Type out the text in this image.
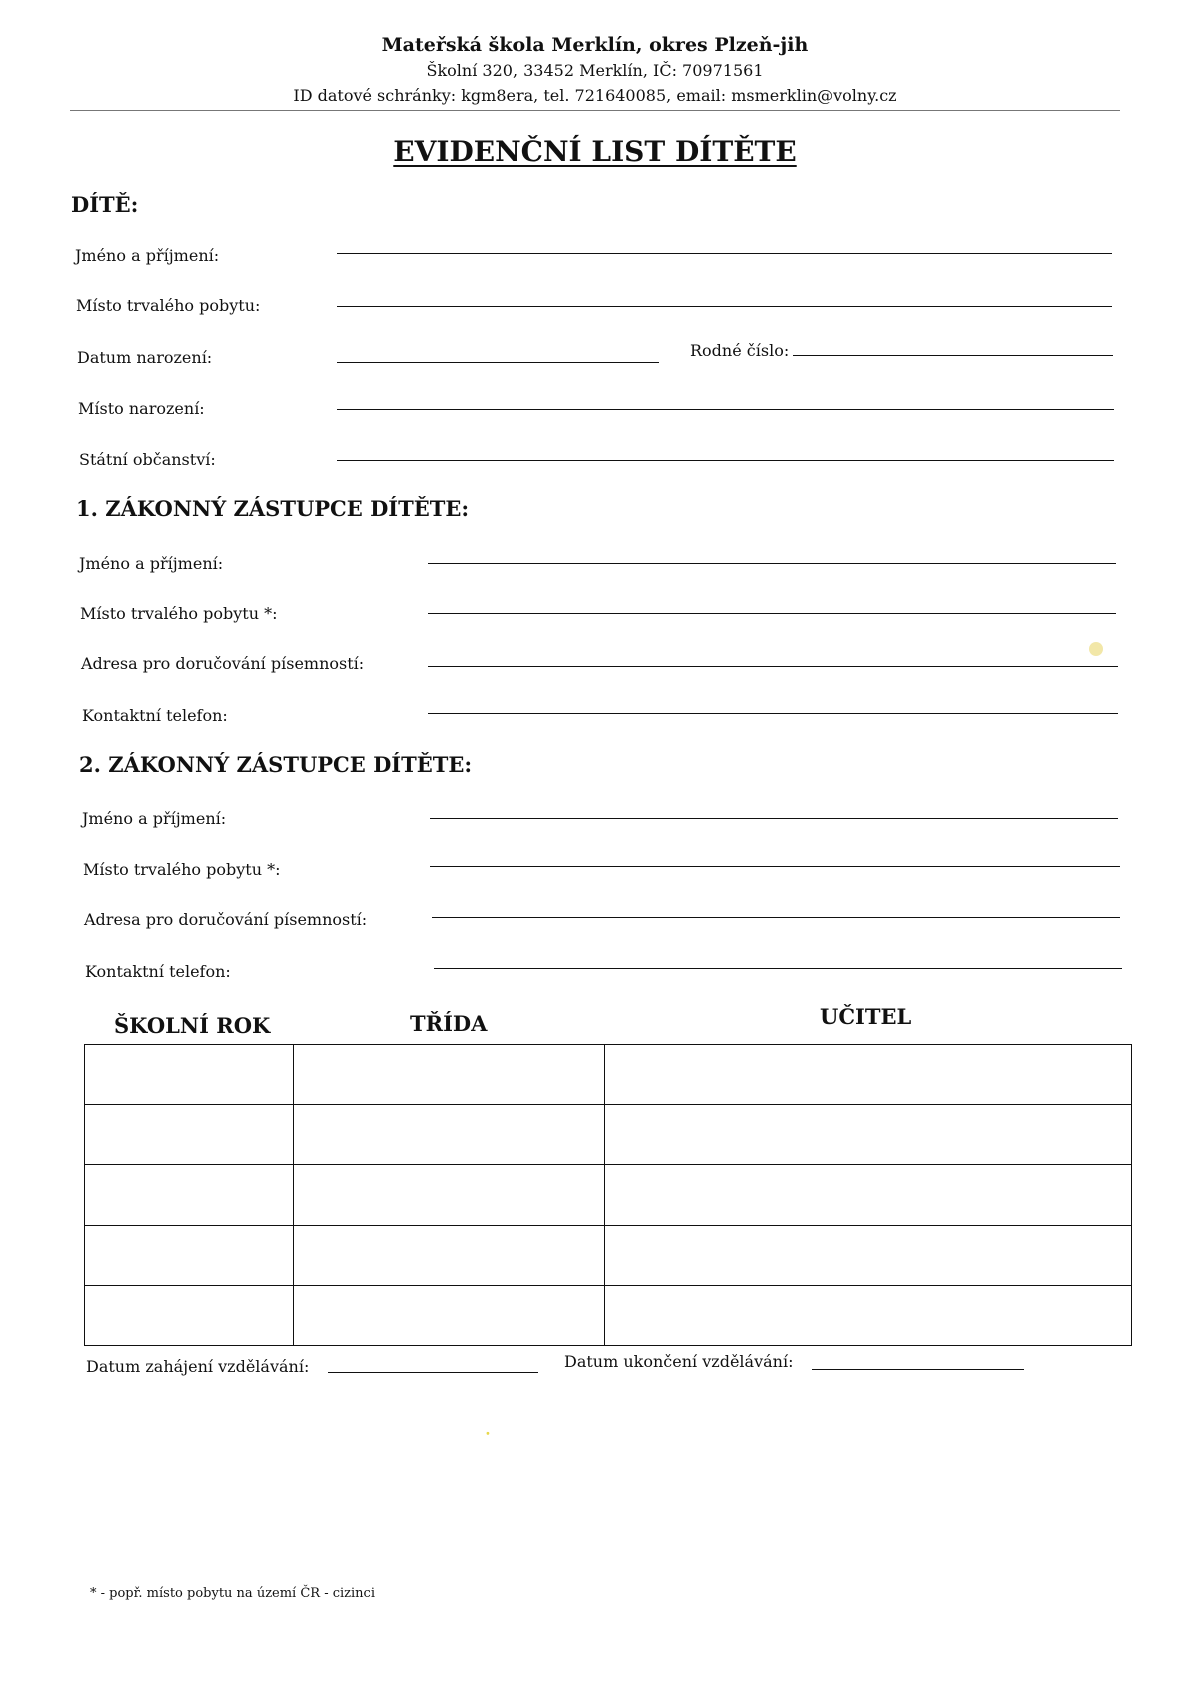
Mateřská škola Merklín, okres Plzeň-jih
Školní 320, 33452 Merklín, IČ: 70971561
ID datové schránky: kgm8era, tel. 721640085, email: msmerklin@volny.cz
EVIDENČNÍ LIST DÍTĚTE
DÍTĚ:
Jméno a příjmení:
Místo trvalého pobytu:
Datum narození:	Rodné číslo:
Místo narození:
Státní občanství:
1. ZÁKONNÝ ZÁSTUPCE DÍTĚTE:
Jméno a příjmení:
Místo trvalého pobytu *:
Adresa pro doručování písemností:
Kontaktní telefon:
2. ZÁKONNÝ ZÁSTUPCE DÍTĚTE:
Jméno a příjmení:
Místo trvalého pobytu *:
Adresa pro doručování písemností:
Kontaktní telefon:
ŠKOLNÍ ROK	TŘÍDA	UČITEL

Datum zahájení vzdělávání:	Datum ukončení vzdělávání:
⸱
* - popř. místo pobytu na území ČR - cizinci
